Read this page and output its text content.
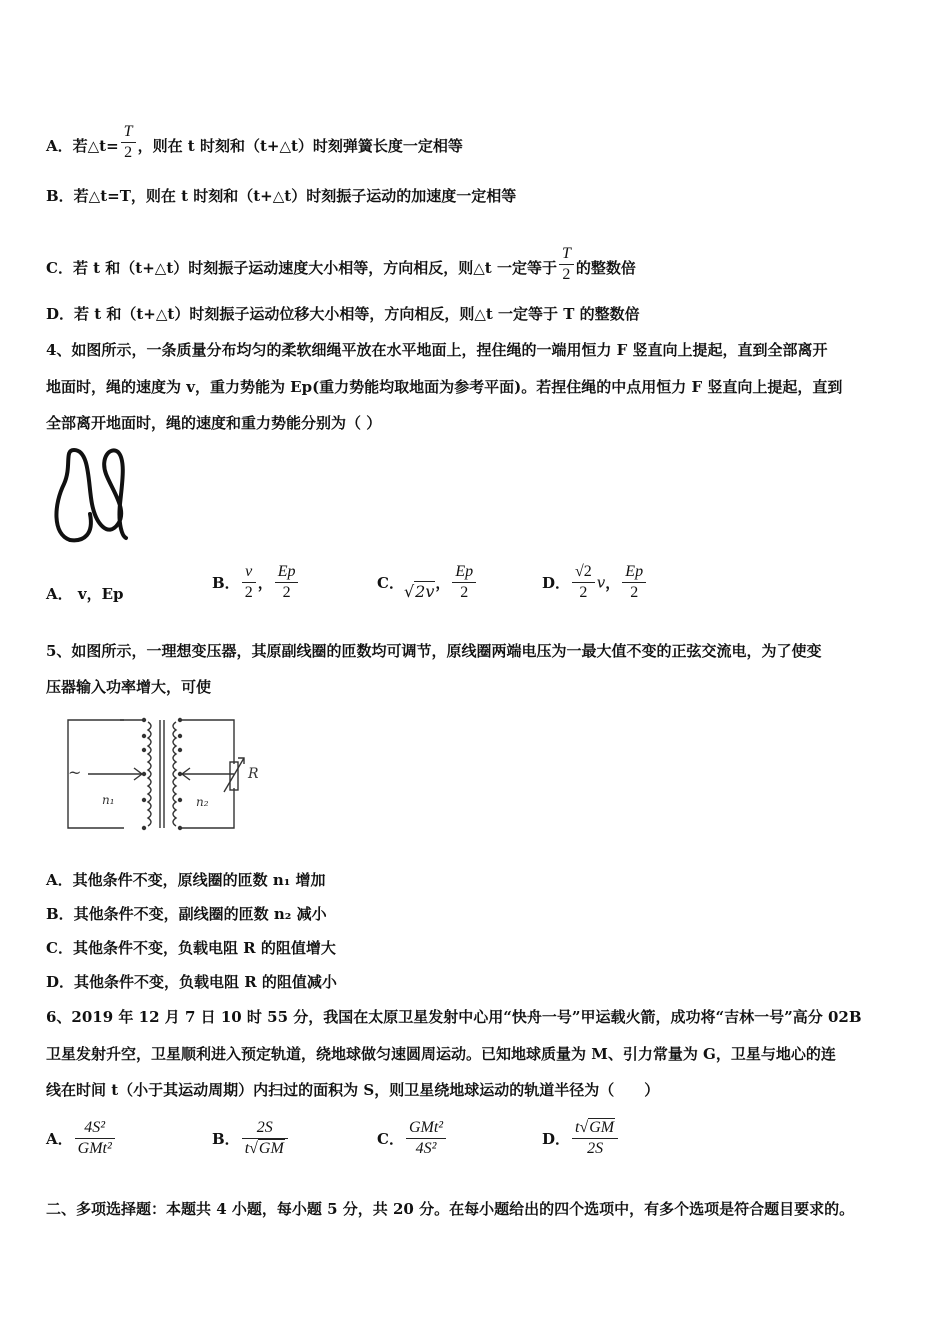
A．若△t= $\frac{T}{2}$ ，则在 t 时刻和（t+△t）时刻弹簧长度一定相等
B．若△t=T，则在 t 时刻和（t+△t）时刻振子运动的加速度一定相等
C．若 t 和（t+△t）时刻振子运动速度大小相等，方向相反，则△t 一定等于 $\frac{T}{2}$ 的整数倍
D．若 t 和（t+△t）时刻振子运动位移大小相等，方向相反，则△t 一定等于 T 的整数倍
4、如图所示，一条质量分布均匀的柔软细绳平放在水平地面上，捏住绳的一端用恒力 F 竖直向上提起，直到全部离开
地面时，绳的速度为 v，重力势能为 Ep(重力势能均取地面为参考平面)。若捏住绳的中点用恒力 F 竖直向上提起，直到
全部离开地面时，绳的速度和重力势能分别为（ ）
A． v，Ep
B． $\frac{v}{2}$ ， $\frac{Ep}{2}$	C．√2v， $\frac{Ep}{2}$	D． $\frac{√2}{2}$ v， $\frac{Ep}{2}$
5、如图所示，一理想变压器，其原副线圈的匝数均可调节，原线圈两端电压为一最大值不变的正弦交流电，为了使变
压器输入功率增大，可使
~
n₁	n₂
R
A．其他条件不变，原线圈的匝数 n₁ 增加
B．其他条件不变，副线圈的匝数 n₂ 减小
C．其他条件不变，负载电阻 R 的阻值增大
D．其他条件不变，负载电阻 R 的阻值减小
6、2019 年 12 月 7 日 10 时 55 分，我国在太原卫星发射中心用“快舟一号”甲运载火箭，成功将“吉林一号”高分 02B
卫星发射升空，卫星顺利进入预定轨道，绕地球做匀速圆周运动。已知地球质量为 M、引力常量为 G，卫星与地心的连
线在时间 t（小于其运动周期）内扫过的面积为 S，则卫星绕地球运动的轨道半径为（　　）
A． $\frac{\text{4S²}}{\text{GMt²}}$	B． $\frac{2S}{t√GM}$	C． $\frac{\text{GMt²}}{\text{4S²}}$	D． $\frac{t√GM}{2S}$
二、多项选择题：本题共 4 小题，每小题 5 分，共 20 分。在每小题给出的四个选项中，有多个选项是符合题目要求的。
